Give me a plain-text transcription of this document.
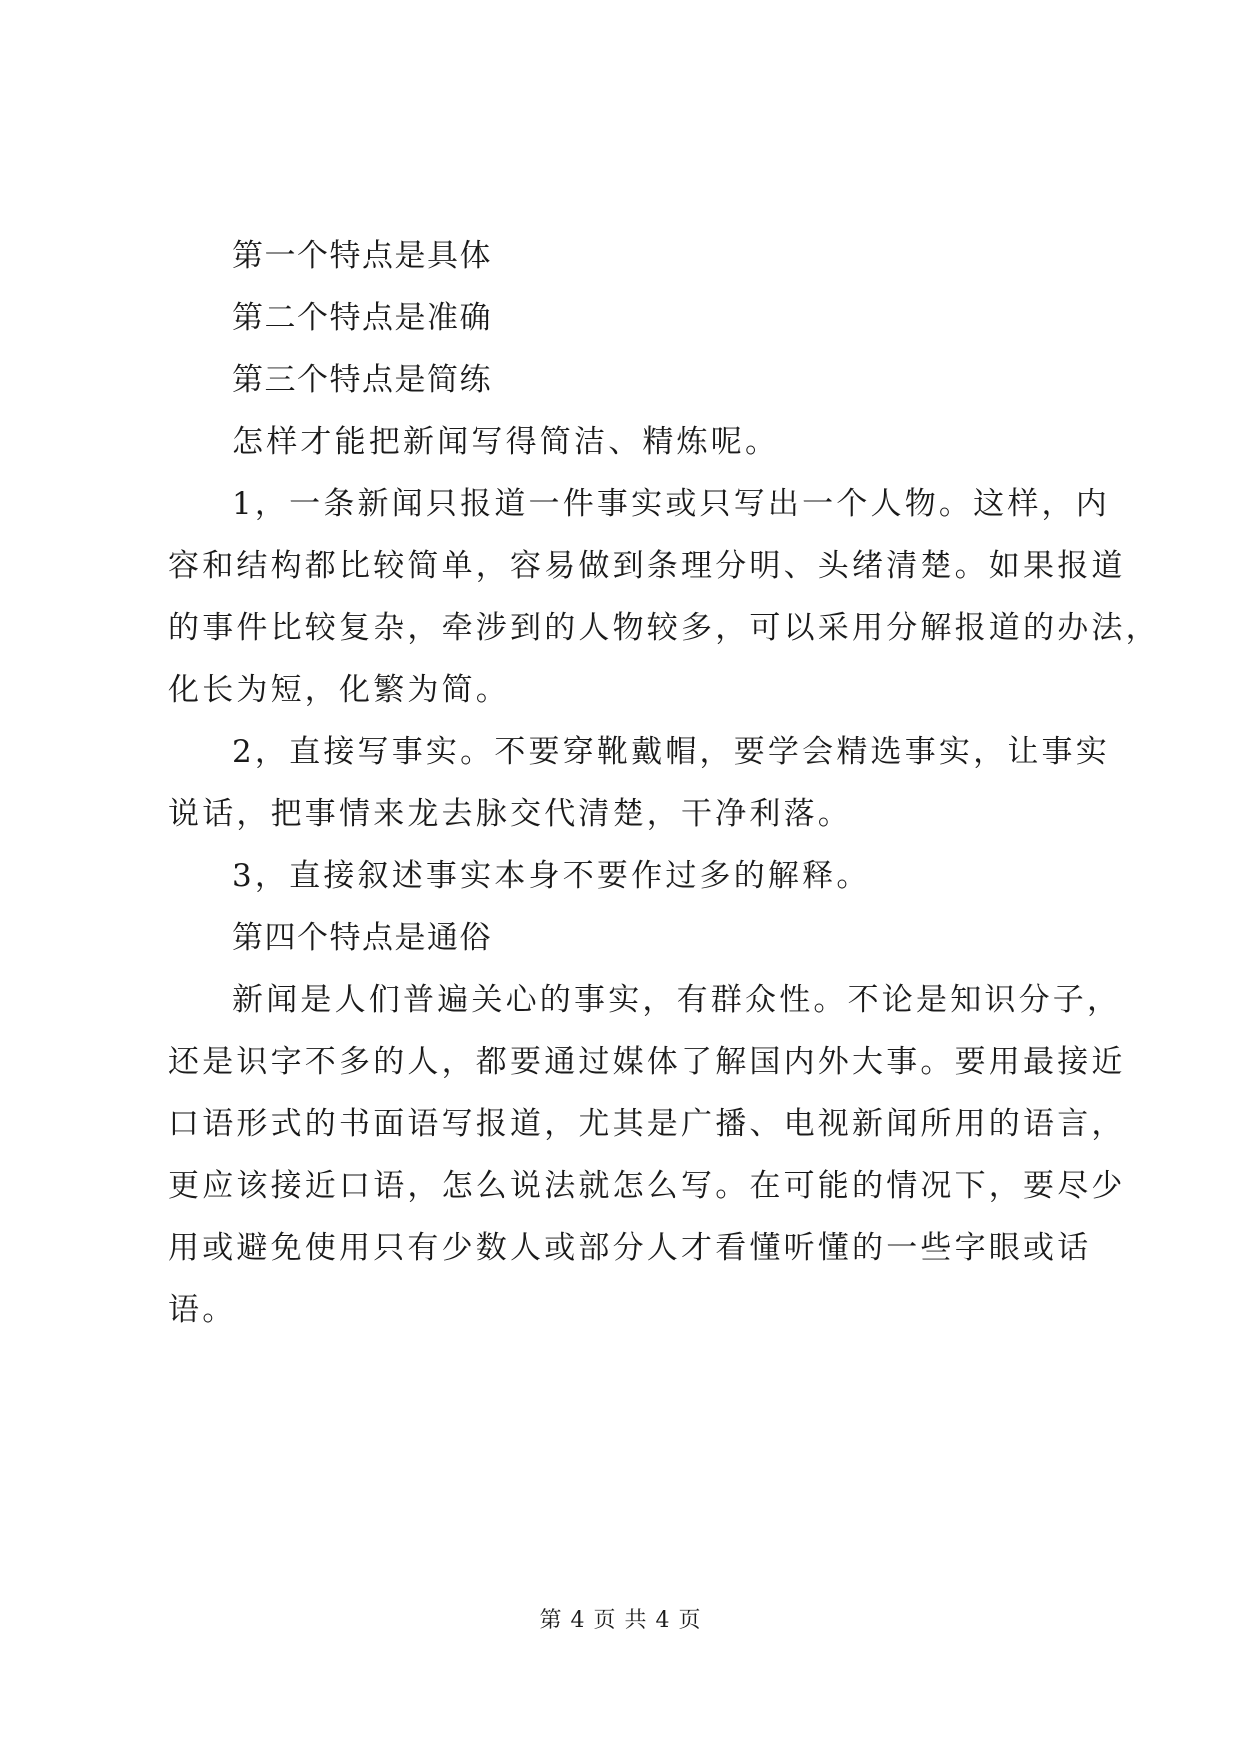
第一个特点是具体
第二个特点是准确
第三个特点是简练
怎样才能把新闻写得简洁、精炼呢。
1，一条新闻只报道一件事实或只写出一个人物。这样，内
容和结构都比较简单，容易做到条理分明、头绪清楚。如果报道
的事件比较复杂，牵涉到的人物较多，可以采用分解报道的办法，
化长为短，化繁为简。
2，直接写事实。不要穿靴戴帽，要学会精选事实，让事实
说话，把事情来龙去脉交代清楚，干净利落。
3，直接叙述事实本身不要作过多的解释。
第四个特点是通俗
新闻是人们普遍关心的事实，有群众性。不论是知识分子，
还是识字不多的人，都要通过媒体了解国内外大事。要用最接近
口语形式的书面语写报道，尤其是广播、电视新闻所用的语言，
更应该接近口语，怎么说法就怎么写。在可能的情况下，要尽少
用或避免使用只有少数人或部分人才看懂听懂的一些字眼或话
语。
第 4 页 共 4 页
